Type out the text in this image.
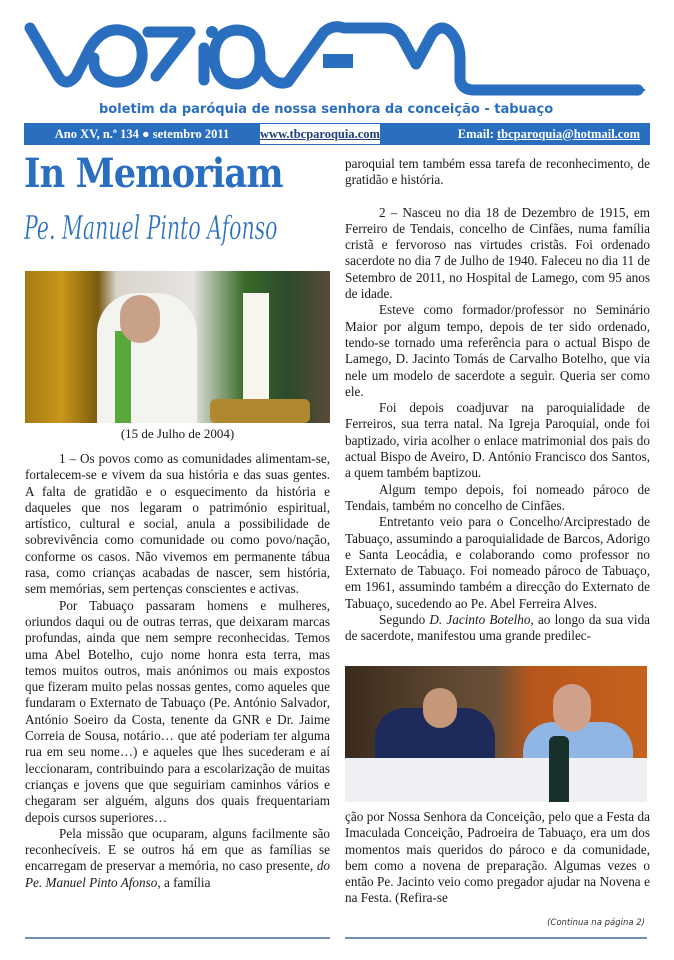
boletim da paróquia de nossa senhora da conceição - tabuaço
Ano XV, n.º 134 ● setembro 2011	www.tbcparoquia.com	Email: tbcparoquia@hotmail.com
In Memoriam
Pe. Manuel Pinto Afonso
(15 de Julho de 2004)

1 – Os povos como as comunidades alimentam-se, fortalecem-se e vivem da sua história e das suas gentes. A falta de gratidão e o esquecimento da história e daqueles que nos legaram o património espiritual, artístico, cultural e social, anula a possibilidade de sobrevivência como comunidade ou como povo/nação, conforme os casos. Não vivemos em permanente tábua rasa, como crianças acabadas de nascer, sem história, sem memórias, sem pertenças conscientes e activas.

Por Tabuaço passaram homens e mulheres, oriundos daqui ou de outras terras, que deixaram marcas profundas, ainda que nem sempre reconhecidas. Temos uma Abel Botelho, cujo nome honra esta terra, mas temos muitos outros, mais anónimos ou mais expostos que fizeram muito pelas nossas gentes, como aqueles que fundaram o Externato de Tabuaço (Pe. António Salvador, António Soeiro da Costa, tenente da GNR e Dr. Jaime Correia de Sousa, notário… que até poderiam ter alguma rua em seu nome…) e aqueles que lhes sucederam e aí leccionaram, contribuindo para a escolarização de muitas crianças e jovens que que seguiriam caminhos vários e chegaram ser alguém, alguns dos quais frequentariam depois cursos superiores…

Pela missão que ocuparam, alguns facilmente são reconhecíveis. E se outros há em que as famílias se encarregam de preservar a memória, no caso presente, do Pe. Manuel Pinto Afonso, a família

paroquial tem também essa tarefa de reconhecimento, de gratidão e história.

2 – Nasceu no dia 18 de Dezembro de 1915, em Ferreiro de Tendais, concelho de Cinfães, numa família cristã e fervoroso nas virtudes cristãs. Foi ordenado sacerdote no dia 7 de Julho de 1940. Faleceu no dia 11 de Setembro de 2011, no Hospital de Lamego, com 95 anos de idade.

Esteve como formador/professor no Seminário Maior por algum tempo, depois de ter sido ordenado, tendo-se tornado uma referência para o actual Bispo de Lamego, D. Jacinto Tomás de Carvalho Botelho, que via nele um modelo de sacerdote a seguir. Queria ser como ele.

Foi depois coadjuvar na paroquialidade de Ferreiros, sua terra natal. Na Igreja Paroquial, onde foi baptizado, viria acolher o enlace matrimonial dos pais do actual Bispo de Aveiro, D. António Francisco dos Santos, a quem também baptizou.

Algum tempo depois, foi nomeado pároco de Tendais, também no concelho de Cinfães.

Entretanto veio para o Concelho/Arciprestado de Tabuaço, assumindo a paroquialidade de Barcos, Adorigo e Santa Leocádia, e colaborando como professor no Externato de Tabuaço. Foi nomeado pároco de Tabuaço, em 1961, assumindo também a direcção do Externato de Tabuaço, sucedendo ao Pe. Abel Ferreira Alves.

Segundo D. Jacinto Botelho, ao longo da sua vida de sacerdote, manifestou uma grande predilec-

ção por Nossa Senhora da Conceição, pelo que a Festa da Imaculada Conceição, Padroeira de Tabuaço, era um dos momentos mais queridos do pároco e da comunidade, bem como a novena de preparação. Algumas vezes o então Pe. Jacinto veio como pregador ajudar na Novena e na Festa. (Refira-se

(Continua na página 2)
